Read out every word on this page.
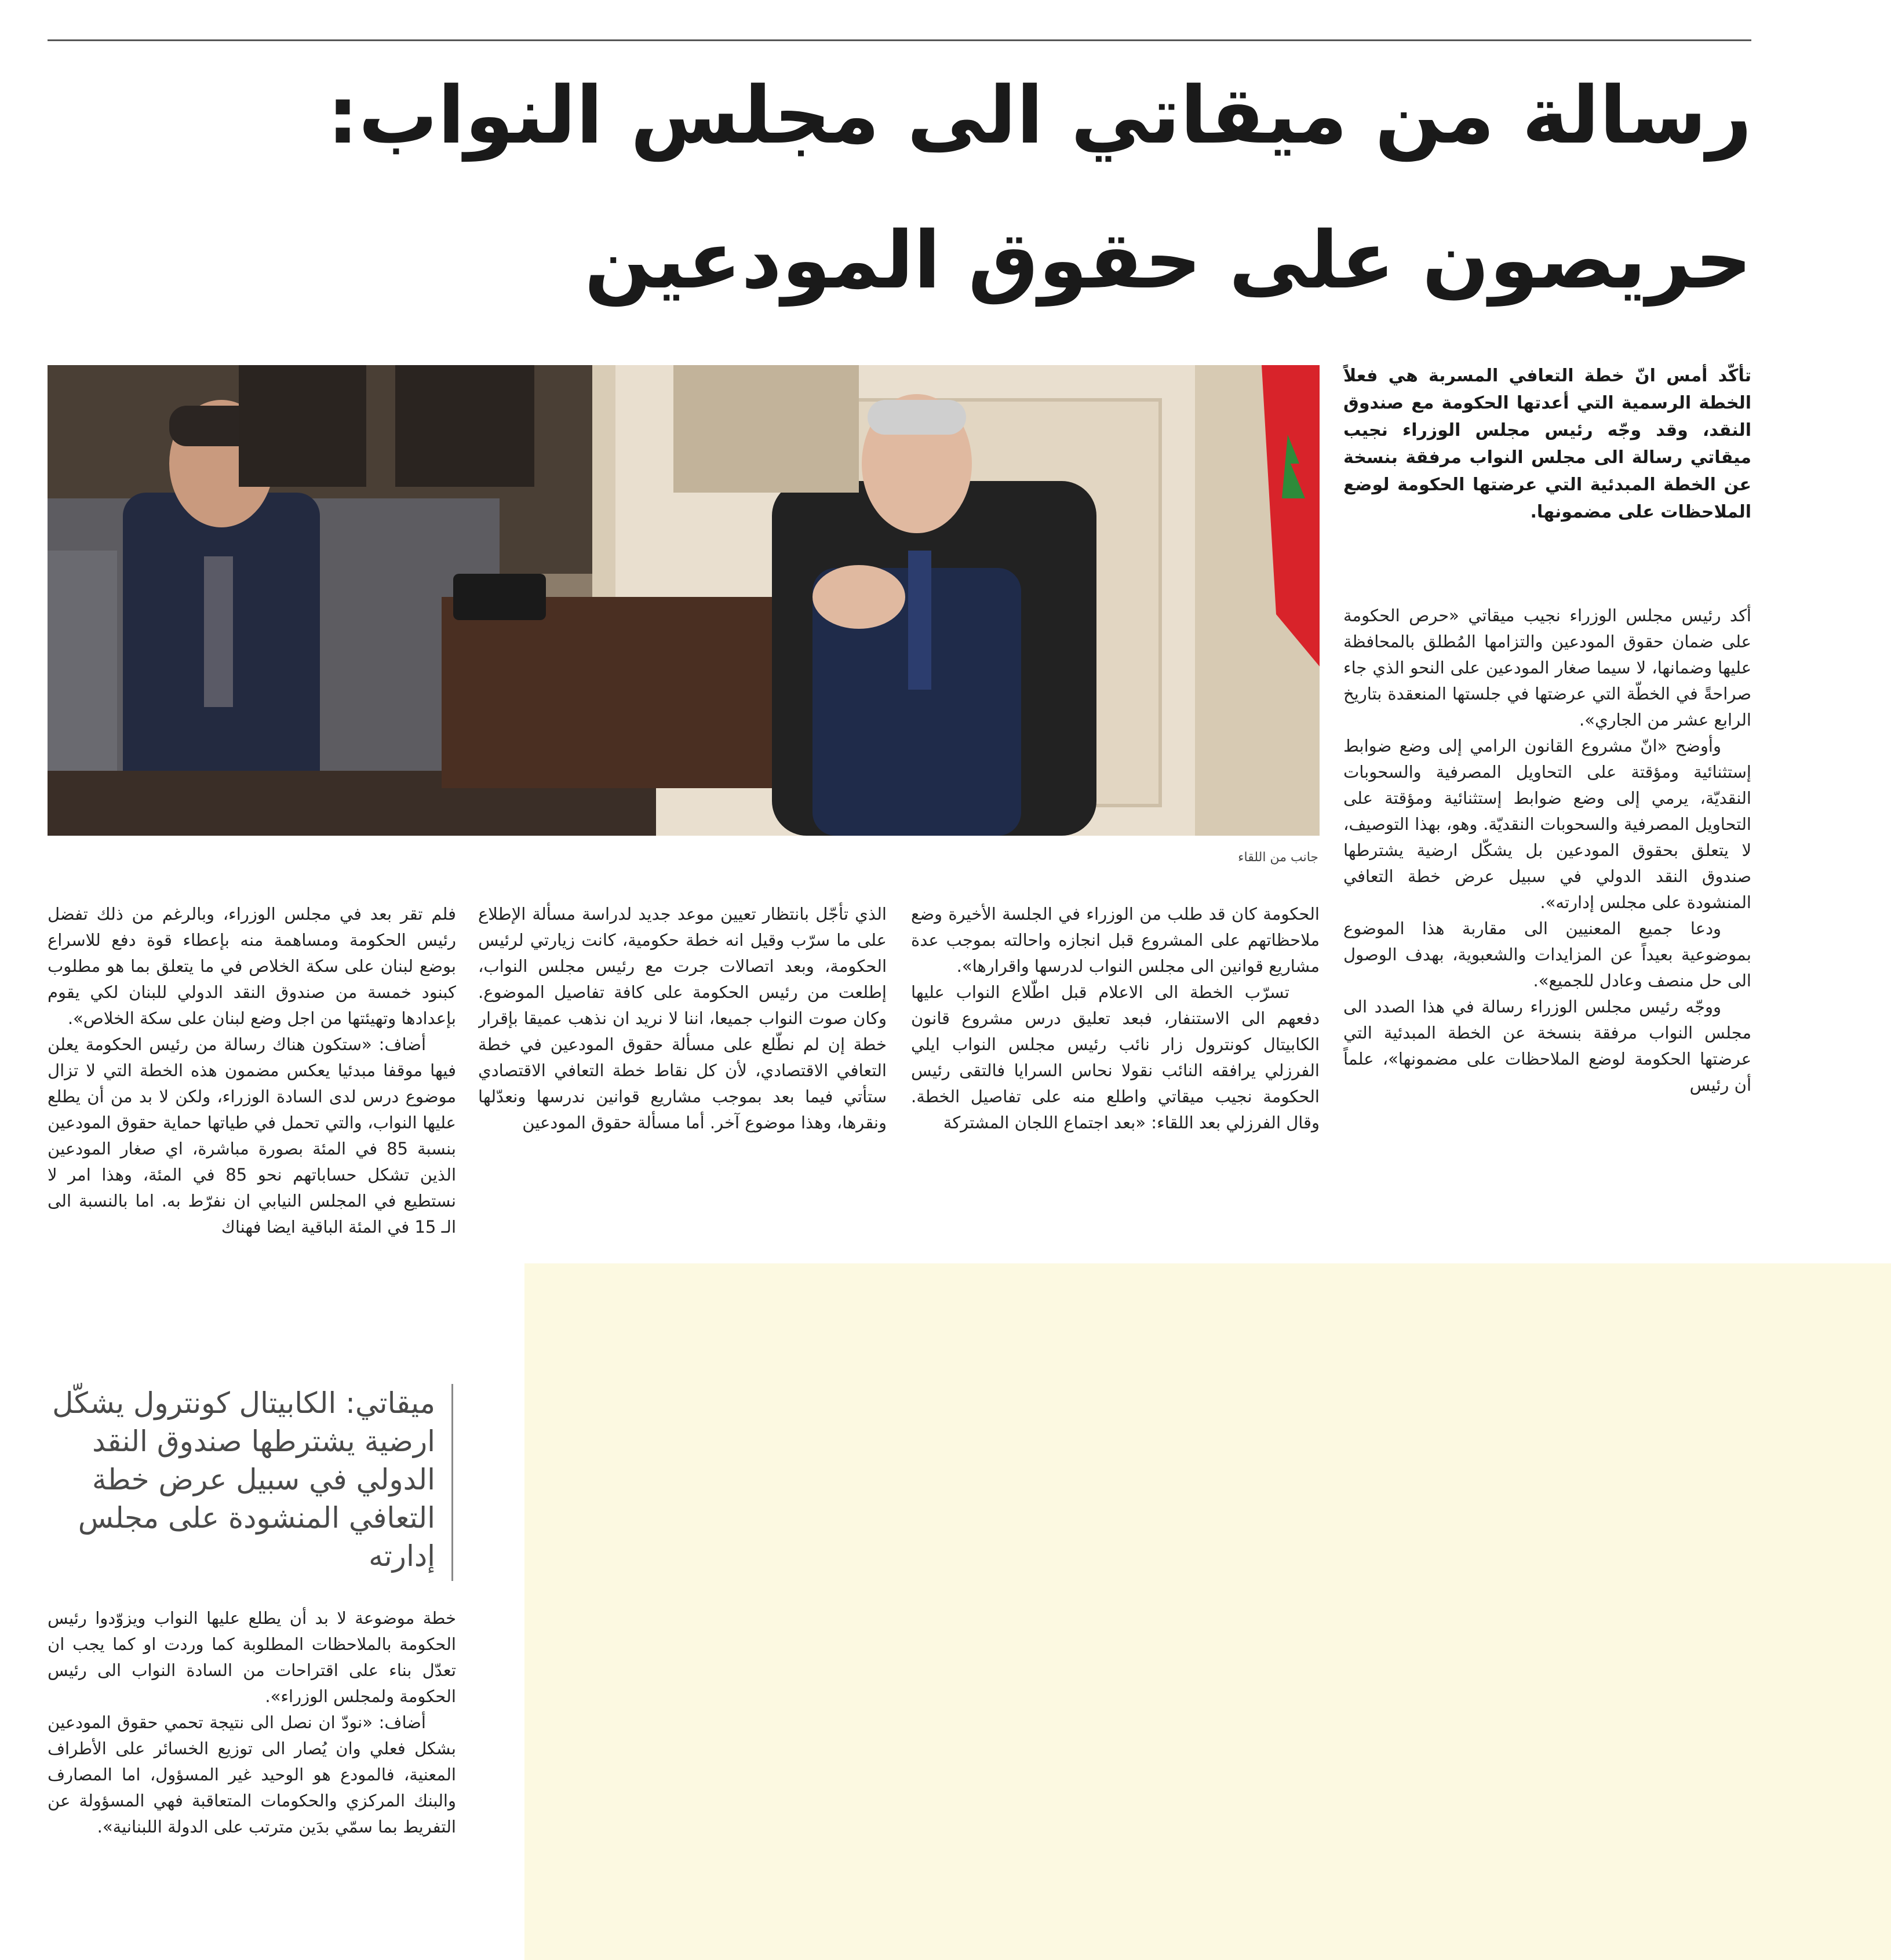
رسالة من ميقاتي الى مجلس النواب:
حريصون على حقوق المودعين
جانب من اللقاء

تأكّد أمس انّ خطة التعافي المسربة هي فعلاً الخطة الرسمية التي أعدتها الحكومة مع صندوق النقد، وقد وجّه رئيس مجلس الوزراء نجيب ميقاتي رسالة الى مجلس النواب مرفقة بنسخة عن الخطة المبدئية التي عرضتها الحكومة لوضع الملاحظات على مضمونها.

أكد رئيس مجلس الوزراء نجيب ميقاتي «حرص الحكومة على ضمان حقوق المودعين والتزامها المُطلق بالمحافظة عليها وضمانها، لا سيما صغار المودعين على النحو الذي جاء صراحةً في الخطّة التي عرضتها في جلستها المنعقدة بتاريخ الرابع عشر من الجاري».

وأوضح «انّ مشروع القانون الرامي إلى وضع ضوابط إستثنائية ومؤقتة على التحاويل المصرفية والسحوبات النقديّة، يرمي إلى وضع ضوابط إستثنائية ومؤقتة على التحاويل المصرفية والسحوبات النقديّة. وهو، بهذا التوصيف، لا يتعلق بحقوق المودعين بل يشكّل ارضية يشترطها صندوق النقد الدولي في سبيل عرض خطة التعافي المنشودة على مجلس إدارته».

ودعا جميع المعنيين الى مقاربة هذا الموضوع بموضوعية بعيداً عن المزايدات والشعبوية، بهدف الوصول الى حل منصف وعادل للجميع».

ووجّه رئيس مجلس الوزراء رسالة في هذا الصدد الى مجلس النواب مرفقة بنسخة عن الخطة المبدئية التي عرضتها الحكومة لوضع الملاحظات على مضمونها»، علماً أن رئيس

الحكومة كان قد طلب من الوزراء في الجلسة الأخيرة وضع ملاحظاتهم على المشروع قبل انجازه واحالته بموجب عدة مشاريع قوانين الى مجلس النواب لدرسها واقرارها».

تسرّب الخطة الى الاعلام قبل اطّلاع النواب عليها دفعهم الى الاستنفار، فبعد تعليق درس مشروع قانون الكابيتال كونترول زار نائب رئيس مجلس النواب ايلي الفرزلي يرافقه النائب نقولا نحاس السرايا فالتقى رئيس الحكومة نجيب ميقاتي واطلع منه على تفاصيل الخطة. وقال الفرزلي بعد اللقاء: «بعد اجتماع اللجان المشتركة

الذي تأجّل بانتظار تعيين موعد جديد لدراسة مسألة الإطلاع على ما سرّب وقيل انه خطة حكومية، كانت زيارتي لرئيس الحكومة، وبعد اتصالات جرت مع رئيس مجلس النواب، إطلعت من رئيس الحكومة على كافة تفاصيل الموضوع. وكان صوت النواب جميعا، اننا لا نريد ان نذهب عميقا بإقرار خطة إن لم نطّلع على مسألة حقوق المودعين في خطة التعافي الاقتصادي، لأن كل نقاط خطة التعافي الاقتصادي ستأتي فيما بعد بموجب مشاريع قوانين ندرسها ونعدّلها ونقرها، وهذا موضوع آخر. أما مسألة حقوق المودعين

فلم تقر بعد في مجلس الوزراء، وبالرغم من ذلك تفضل رئيس الحكومة ومساهمة منه بإعطاء قوة دفع للاسراع بوضع لبنان على سكة الخلاص في ما يتعلق بما هو مطلوب كبنود خمسة من صندوق النقد الدولي للبنان لكي يقوم بإعدادها وتهيئتها من اجل وضع لبنان على سكة الخلاص».

أضاف: «ستكون هناك رسالة من رئيس الحكومة يعلن فيها موقفا مبدئيا يعكس مضمون هذه الخطة التي لا تزال موضوع درس لدى السادة الوزراء، ولكن لا بد من أن يطلع عليها النواب، والتي تحمل في طياتها حماية حقوق المودعين بنسبة 85 في المئة بصورة مباشرة، اي صغار المودعين الذين تشكل حساباتهم نحو 85 في المئة، وهذا امر لا نستطيع في المجلس النيابي ان نفرّط به. اما بالنسبة الى الـ 15 في المئة الباقية ايضا فهناك

ميقاتي: الكابيتال كونترول يشكّل ارضية يشترطها صندوق النقد الدولي في سبيل عرض خطة التعافي المنشودة على مجلس إدارته

خطة موضوعة لا بد أن يطلع عليها النواب ويزوّدوا رئيس الحكومة بالملاحظات المطلوبة كما وردت او كما يجب ان تعدّل بناء على اقتراحات من السادة النواب الى رئيس الحكومة ولمجلس الوزراء».

أضاف: «نودّ ان نصل الى نتيجة تحمي حقوق المودعين بشكل فعلي وان يُصار الى توزيع الخسائر على الأطراف المعنية، فالمودع هو الوحيد غير المسؤول، اما المصارف والبنك المركزي والحكومات المتعاقبة فهي المسؤولة عن التفريط بما سمّي بدَين مترتب على الدولة اللبنانية».
